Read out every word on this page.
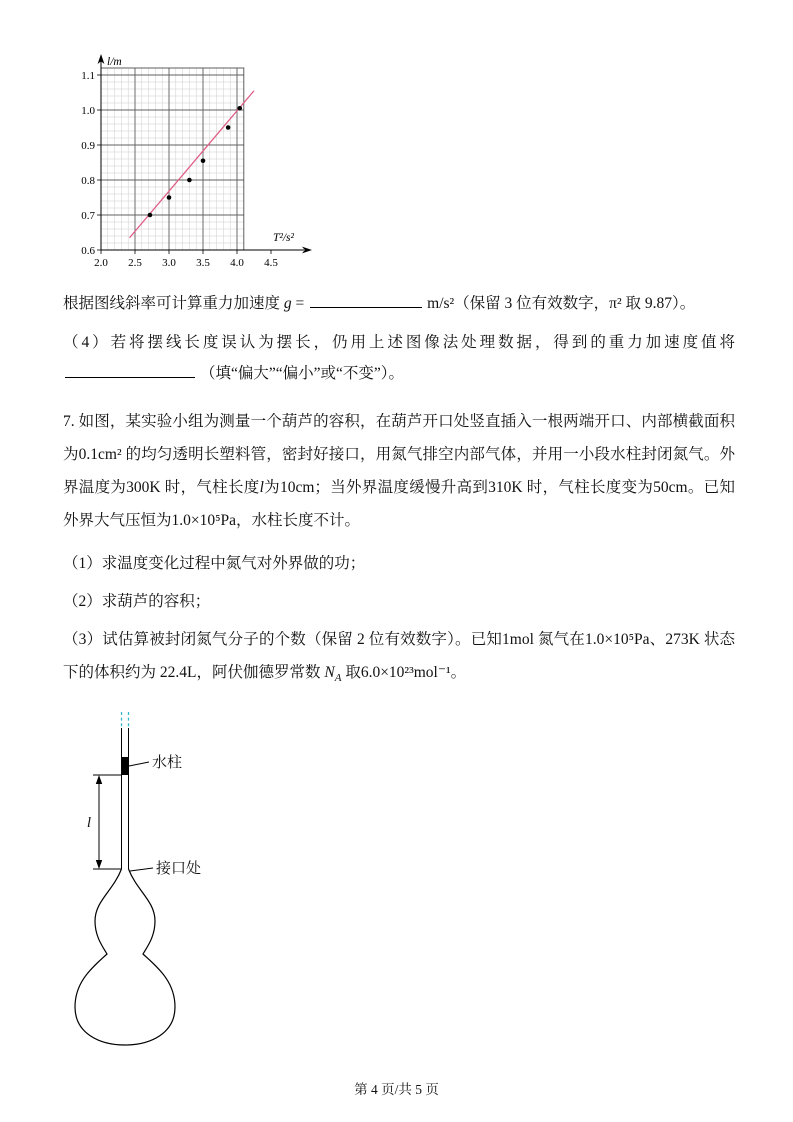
2.0 2.5 3.0 3.5 4.0 4.5
0.6
0.7
0.8
0.9
1.0
1.1
l/m
T²/s²

根据图线斜率可计算重力加速度 g =	m/s²（保留 3 位有效数字，π² 取 9.87）。

（4）若将摆线长度误认为摆长，仍用上述图像法处理数据，得到的重力加速度值将（填“偏大”“偏小”或“不变”）。

7. 如图，某实验小组为测量一个葫芦的容积，在葫芦开口处竖直插入一根两端开口、内部横截面积为0.1cm² 的均匀透明长塑料管，密封好接口，用氮气排空内部气体，并用一小段水柱封闭氮气。外界温度为300K 时，气柱长度l为10cm；当外界温度缓慢升高到310K 时，气柱长度变为50cm。已知外界大气压恒为1.0×10⁵Pa，水柱长度不计。

（1）求温度变化过程中氮气对外界做的功；

（2）求葫芦的容积；

（3）试估算被封闭氮气分子的个数（保留 2 位有效数字）。已知1mol 氮气在1.0×10⁵Pa、273K 状态下的体积约为 22.4L，阿伏伽德罗常数 $N_A$ 取6.0×10²³mol⁻¹。

水柱
l
接口处
第 4 页/共 5 页
